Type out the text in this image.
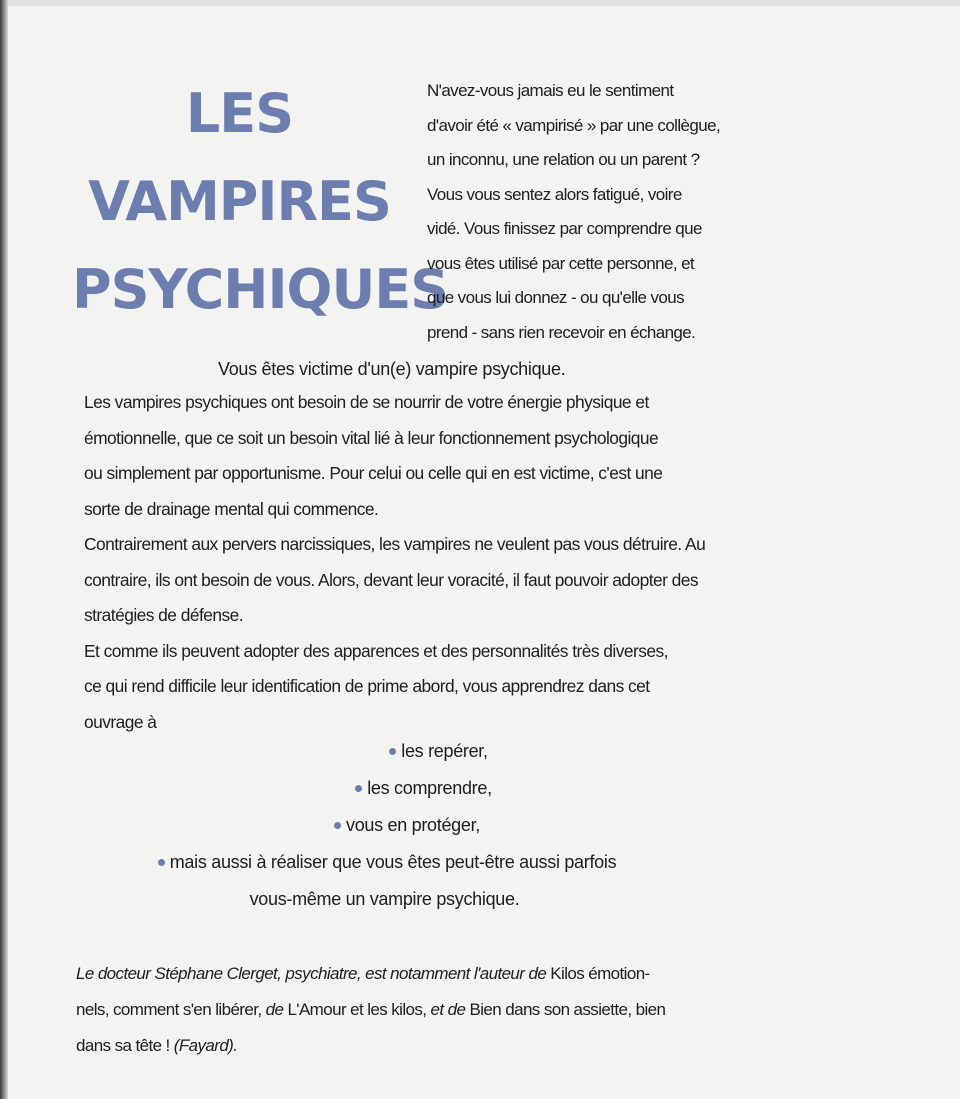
LES
VAMPIRES
PSYCHIQUES
N'avez-vous jamais eu le sentiment
d'avoir été « vampirisé » par une collègue,
un inconnu, une relation ou un parent ?
Vous vous sentez alors fatigué, voire
vidé. Vous finissez par comprendre que
vous êtes utilisé par cette personne, et
que vous lui donnez - ou qu'elle vous
prend - sans rien recevoir en échange.
Vous êtes victime d'un(e) vampire psychique.

Les vampires psychiques ont besoin de se nourrir de votre énergie physique et

émotionnelle, que ce soit un besoin vital lié à leur fonctionnement psychologique

ou simplement par opportunisme. Pour celui ou celle qui en est victime, c'est une

sorte de drainage mental qui commence.

Contrairement aux pervers narcissiques, les vampires ne veulent pas vous détruire. Au

contraire, ils ont besoin de vous. Alors, devant leur voracité, il faut pouvoir adopter des

stratégies de défense.

Et comme ils peuvent adopter des apparences et des personnalités très diverses,

ce qui rend difficile leur identification de prime abord, vous apprendrez dans cet

ouvrage à

les repérer,
les comprendre,
vous en protéger,
mais aussi à réaliser que vous êtes peut-être aussi parfois
vous-même un vampire psychique.
Le docteur Stéphane Clerget, psychiatre, est notamment l'auteur de Kilos émotion-
nels, comment s'en libérer, de L'Amour et les kilos, et de Bien dans son assiette, bien
dans sa tête ! (Fayard).
